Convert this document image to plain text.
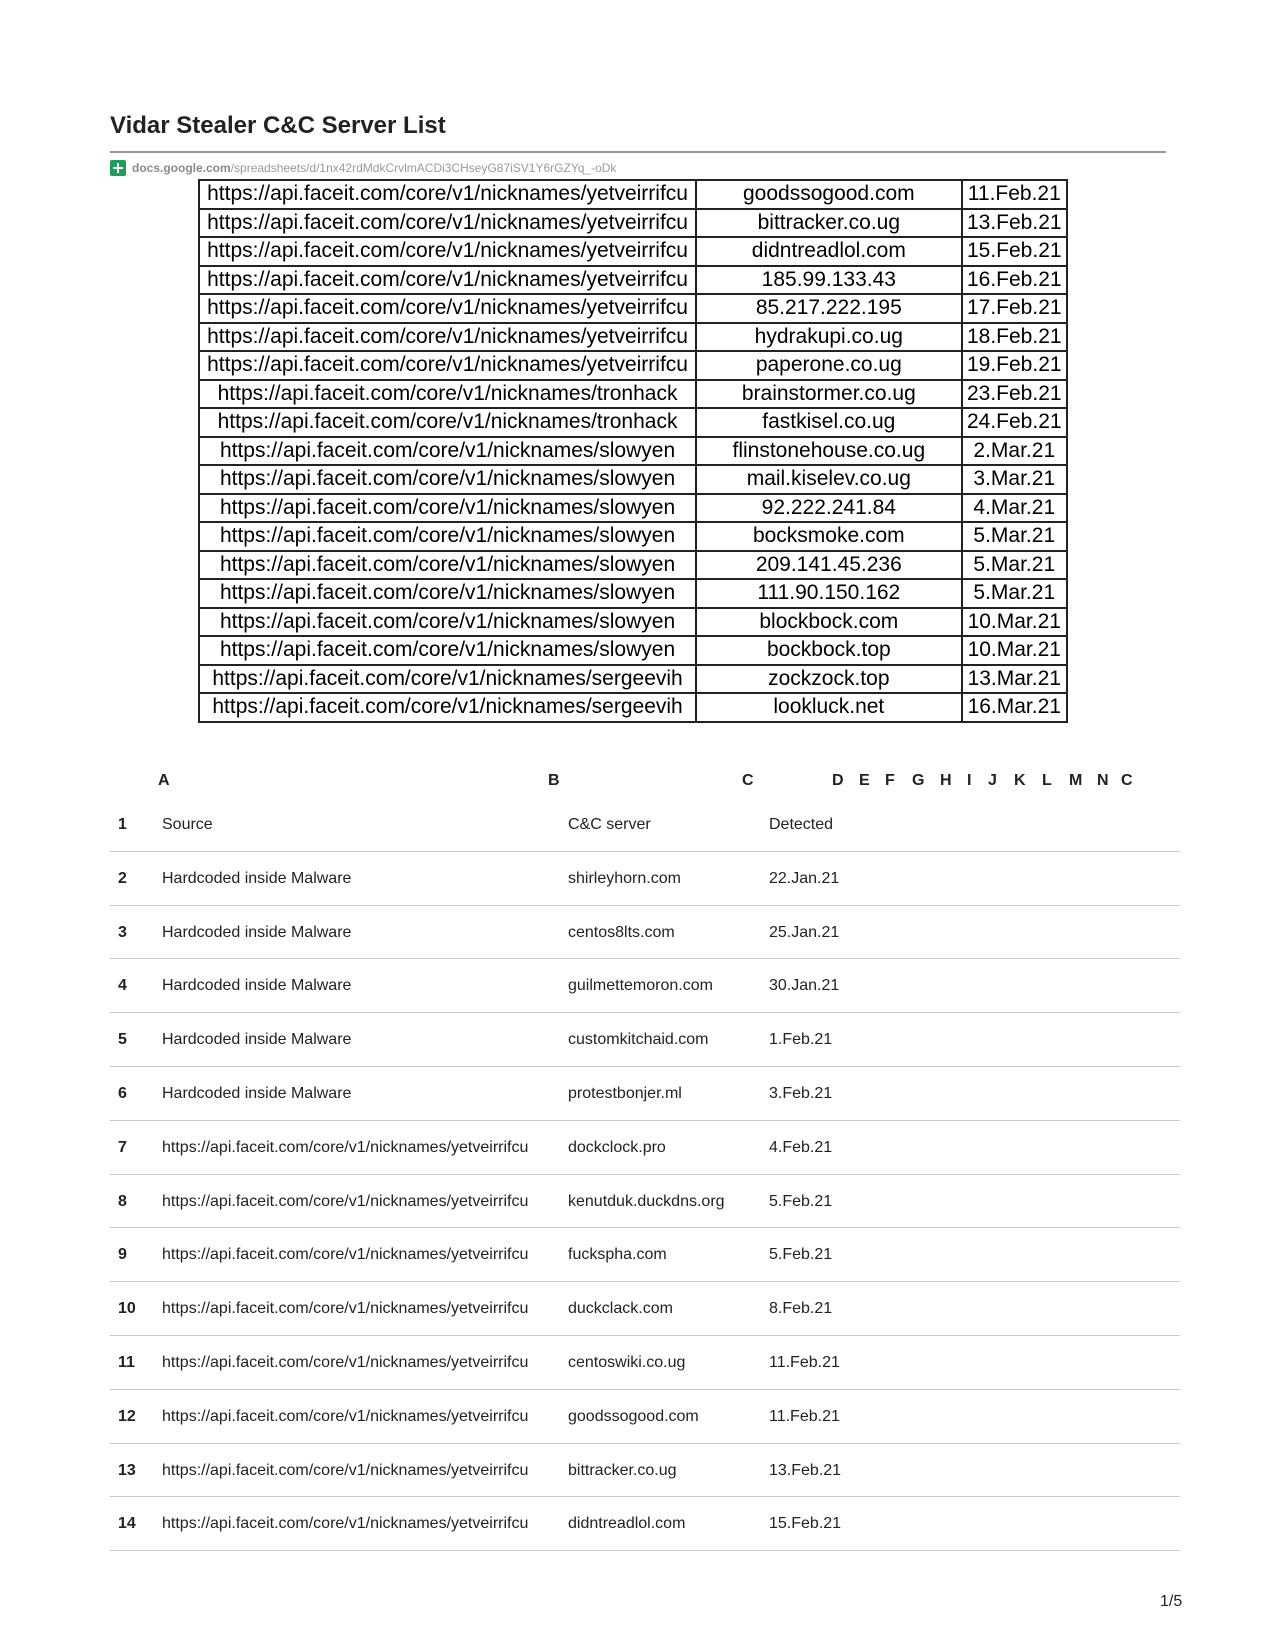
Vidar Stealer C&C Server List
docs.google.com /spreadsheets/d/1nx42rdMdkCrvlmACDi3CHseyG87iSV1Y6rGZYq_-oDk
https://api.faceit.com/core/v1/nicknames/yetveirrifcu	goodssogood.com	11.Feb.21
https://api.faceit.com/core/v1/nicknames/yetveirrifcu	bittracker.co.ug	13.Feb.21
https://api.faceit.com/core/v1/nicknames/yetveirrifcu	didntreadlol.com	15.Feb.21
https://api.faceit.com/core/v1/nicknames/yetveirrifcu	185.99.133.43	16.Feb.21
https://api.faceit.com/core/v1/nicknames/yetveirrifcu	85.217.222.195	17.Feb.21
https://api.faceit.com/core/v1/nicknames/yetveirrifcu	hydrakupi.co.ug	18.Feb.21
https://api.faceit.com/core/v1/nicknames/yetveirrifcu	paperone.co.ug	19.Feb.21
https://api.faceit.com/core/v1/nicknames/tronhack	brainstormer.co.ug	23.Feb.21
https://api.faceit.com/core/v1/nicknames/tronhack	fastkisel.co.ug	24.Feb.21
https://api.faceit.com/core/v1/nicknames/slowyen	flinstonehouse.co.ug	2.Mar.21
https://api.faceit.com/core/v1/nicknames/slowyen	mail.kiselev.co.ug	3.Mar.21
https://api.faceit.com/core/v1/nicknames/slowyen	92.222.241.84	4.Mar.21
https://api.faceit.com/core/v1/nicknames/slowyen	bocksmoke.com	5.Mar.21
https://api.faceit.com/core/v1/nicknames/slowyen	209.141.45.236	5.Mar.21
https://api.faceit.com/core/v1/nicknames/slowyen	111.90.150.162	5.Mar.21
https://api.faceit.com/core/v1/nicknames/slowyen	blockbock.com	10.Mar.21
https://api.faceit.com/core/v1/nicknames/slowyen	bockbock.top	10.Mar.21
https://api.faceit.com/core/v1/nicknames/sergeevih	zockzock.top	13.Mar.21
https://api.faceit.com/core/v1/nicknames/sergeevih	lookluck.net	16.Mar.21
A	B	C	D E F G H I J K L M N C
1 Source	C&C server	Detected
2 Hardcoded inside Malware	shirleyhorn.com	22.Jan.21
3 Hardcoded inside Malware	centos8lts.com	25.Jan.21
4 Hardcoded inside Malware	guilmettemoron.com	30.Jan.21
5 Hardcoded inside Malware	customkitchaid.com	1.Feb.21
6 Hardcoded inside Malware	protestbonjer.ml	3.Feb.21
7 https://api.faceit.com/core/v1/nicknames/yetveirrifcu dockclock.pro	4.Feb.21
8 https://api.faceit.com/core/v1/nicknames/yetveirrifcu kenutduk.duckdns.org	5.Feb.21
9 https://api.faceit.com/core/v1/nicknames/yetveirrifcu fuckspha.com	5.Feb.21
10 https://api.faceit.com/core/v1/nicknames/yetveirrifcu duckclack.com	8.Feb.21
11 https://api.faceit.com/core/v1/nicknames/yetveirrifcu centoswiki.co.ug	11.Feb.21
12 https://api.faceit.com/core/v1/nicknames/yetveirrifcu goodssogood.com	11.Feb.21
13 https://api.faceit.com/core/v1/nicknames/yetveirrifcu bittracker.co.ug	13.Feb.21
14 https://api.faceit.com/core/v1/nicknames/yetveirrifcu didntreadlol.com	15.Feb.21
1/5
